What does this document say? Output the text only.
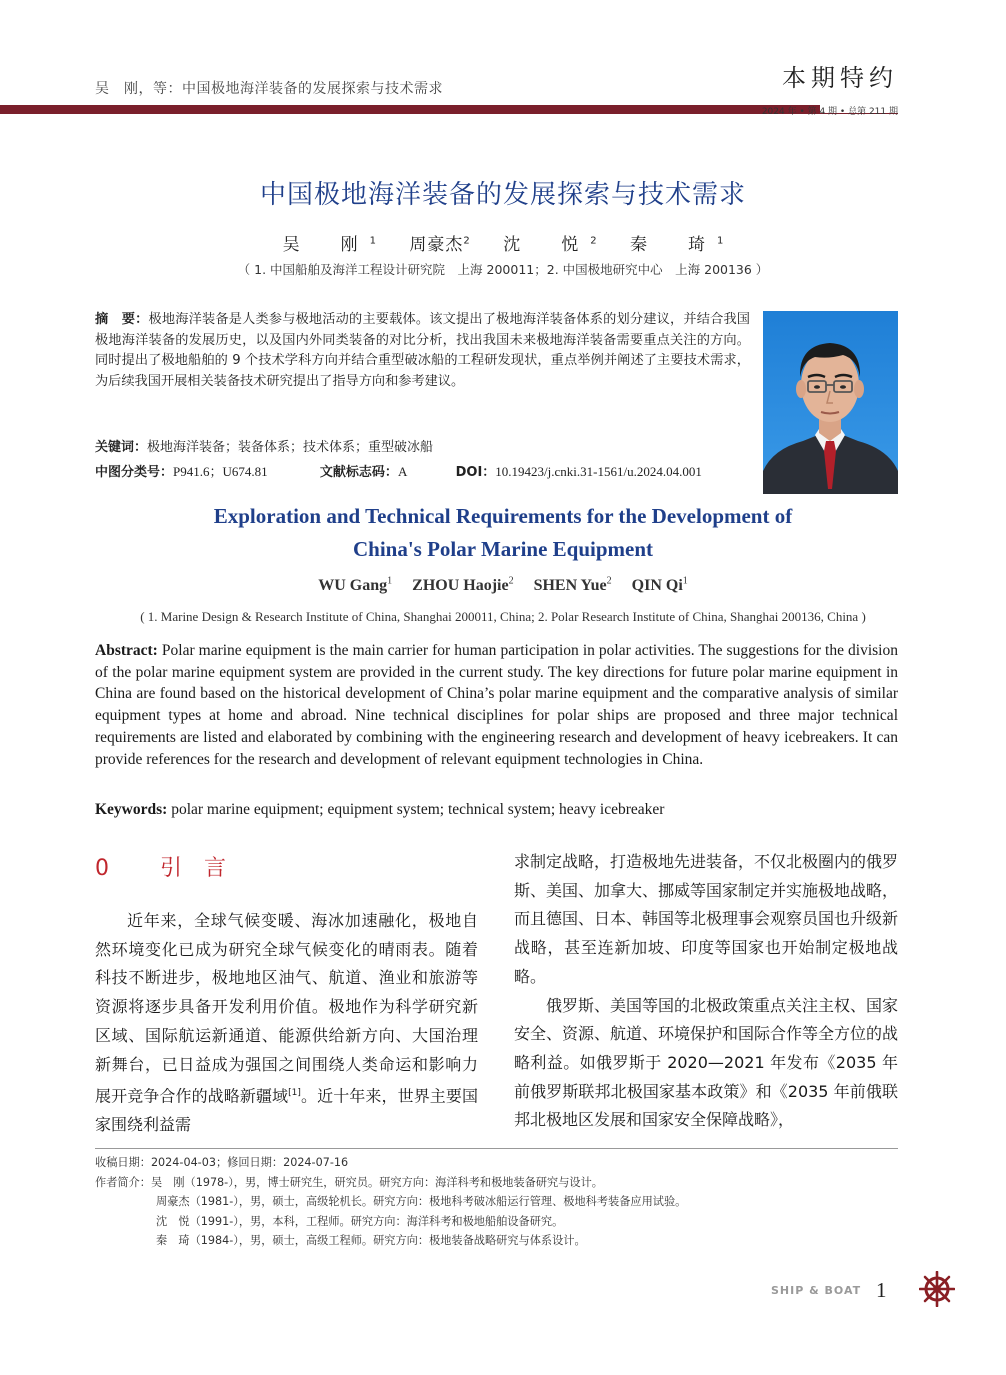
吴　刚，等：中国极地海洋装备的发展探索与技术需求	本期特约
2024 年 • 第 4 期 • 总第 211 期
中国极地海洋装备的发展探索与技术需求
吴　刚$^1$ 周豪杰$^2$ 沈　悦$^2$ 秦　琦$^1$
（ 1. 中国船舶及海洋工程设计研究院　上海 200011；2. 中国极地研究中心　上海 200136 ）
摘　要：极地海洋装备是人类参与极地活动的主要载体。该文提出了极地海洋装备体系的划分建议，并结合我国极地海洋装备的发展历史，以及国内外同类装备的对比分析，找出我国未来极地海洋装备需要重点关注的方向。同时提出了极地船舶的 9 个技术学科方向并结合重型破冰船的工程研发现状，重点举例并阐述了主要技术需求，为后续我国开展相关装备技术研究提出了指导方向和参考建议。
关键词：极地海洋装备；装备体系；技术体系；重型破冰船
中图分类号：P941.6；U674.81	文献标志码：A	DOI：10.19423/j.cnki.31-1561/u.2024.04.001
Exploration and Technical Requirements for the Development of
China's Polar Marine Equipment
WU Gang$^1$ ZHOU Haojie$^2$ SHEN Yue$^2$ QIN Qi$^1$
( 1. Marine Design & Research Institute of China, Shanghai 200011, China; 2. Polar Research Institute of China, Shanghai 200136, China )
Abstract: Polar marine equipment is the main carrier for human participation in polar activities. The suggestions for the division of the polar marine equipment system are provided in the current study. The key directions for future polar marine equipment in China are found based on the historical development of China’s polar marine equipment and the comparative analysis of similar equipment types at home and abroad. Nine technical disciplines for polar ships are proposed and three major technical requirements are listed and elaborated by combining with the engineering research and development of heavy icebreakers. It can provide references for the research and development of relevant equipment technologies in China.
Keywords: polar marine equipment; equipment system; technical system; heavy icebreaker
0 引言

近年来，全球气候变暖、海冰加速融化，极地自然环境变化已成为研究全球气候变化的晴雨表。随着科技不断进步，极地地区油气、航道、渔业和旅游等资源将逐步具备开发利用价值。极地作为科学研究新区域、国际航运新通道、能源供给新方向、大国治理新舞台，已日益成为强国之间围绕人类命运和影响力展开竞争合作的战略新疆域[1]。近十年来，世界主要国家围绕利益需

求制定战略，打造极地先进装备，不仅北极圈内的俄罗斯、美国、加拿大、挪威等国家制定并实施极地战略，而且德国、日本、韩国等北极理事会观察员国也升级新战略，甚至连新加坡、印度等国家也开始制定极地战略。

俄罗斯、美国等国的北极政策重点关注主权、国家安全、资源、航道、环境保护和国际合作等全方位的战略利益。如俄罗斯于 2020—2021 年发布《2035 年前俄罗斯联邦北极国家基本政策》和《2035 年前俄联邦北极地区发展和国家安全保障战略》，

收稿日期：2024-04-03；修回日期：2024-07-16
作者简介：吴　刚（1978-），男，博士研究生，研究员。研究方向：海洋科考和极地装备研究与设计。
周豪杰（1981-），男，硕士，高级轮机长。研究方向：极地科考破冰船运行管理、极地科考装备应用试验。
沈　悦（1991-），男，本科，工程师。研究方向：海洋科考和极地船舶设备研究。
秦　琦（1984-），男，硕士，高级工程师。研究方向：极地装备战略研究与体系设计。
SHIP & BOAT 1
